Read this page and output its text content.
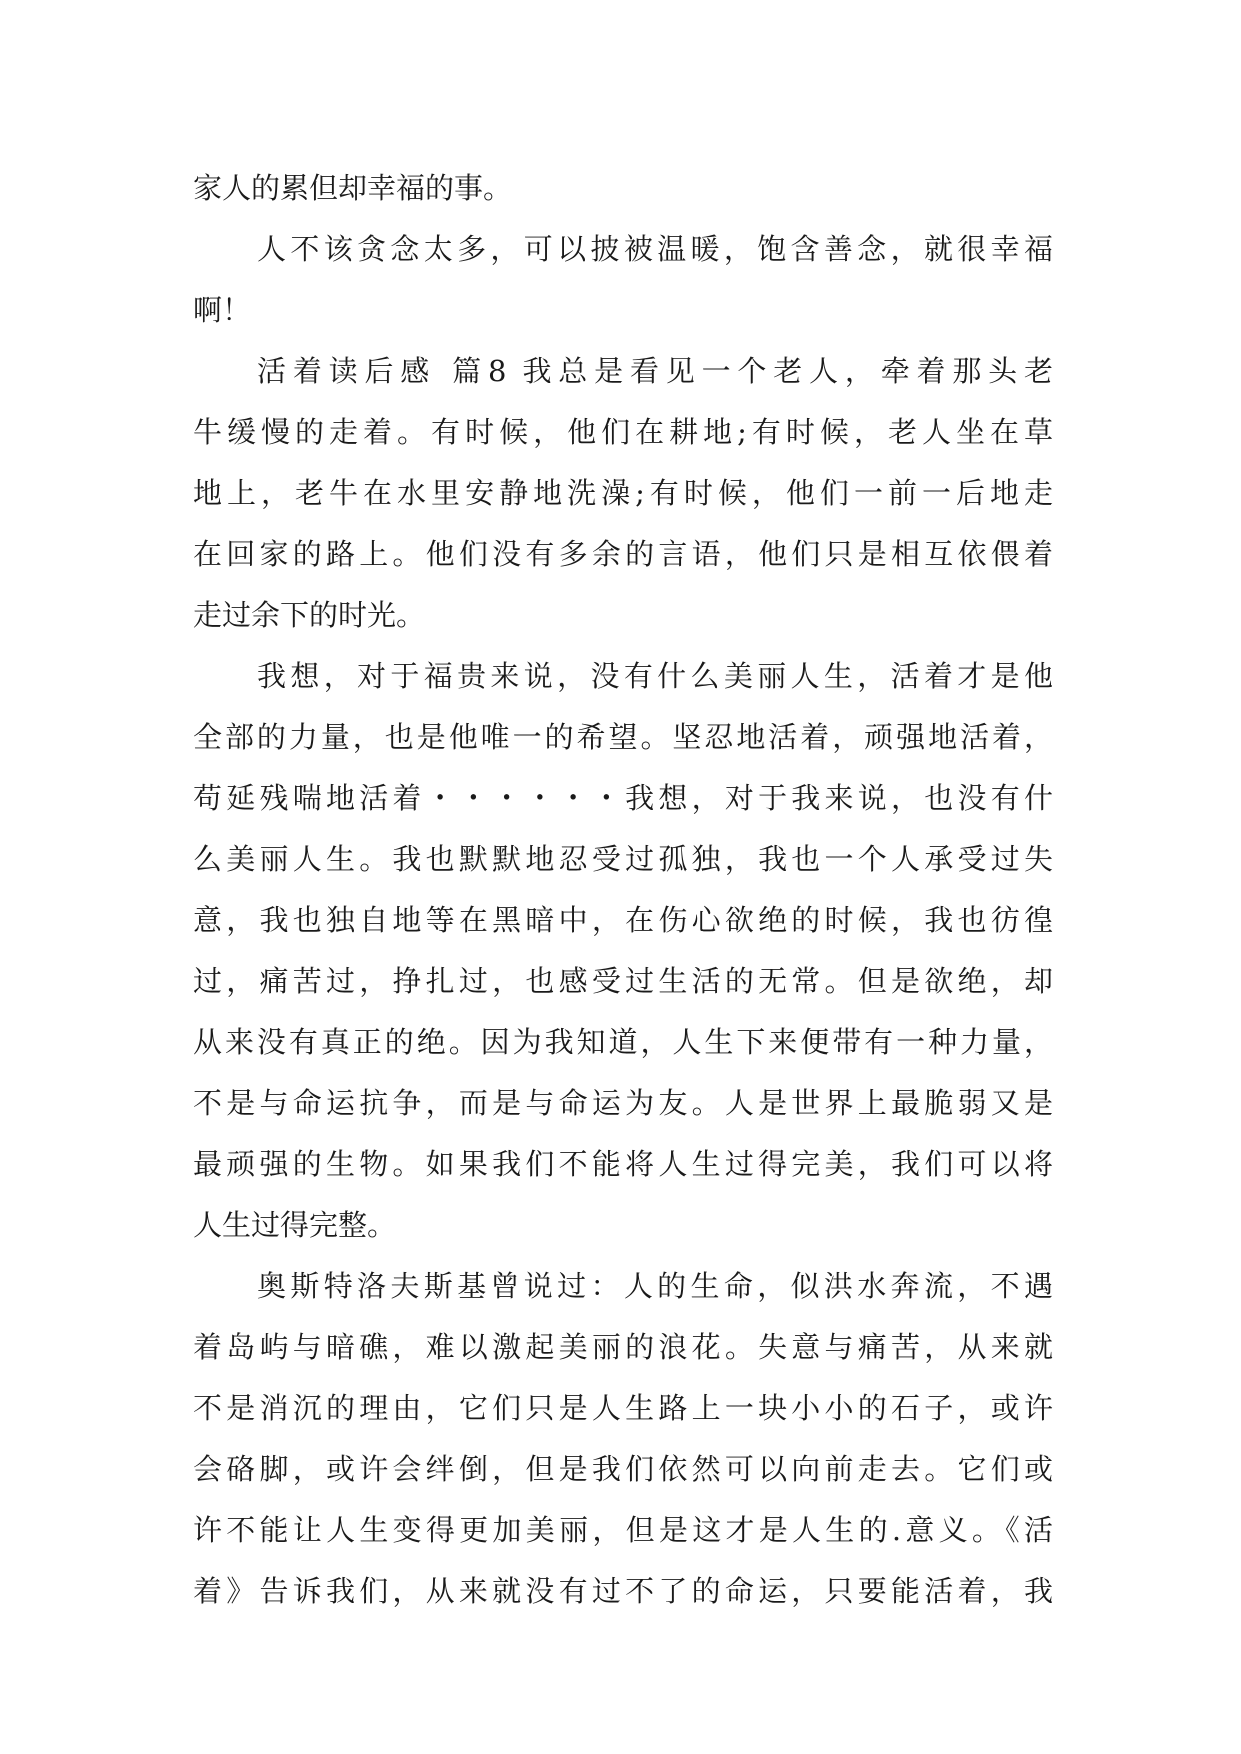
家人的累但却幸福的事。
人不该贪念太多，可以披被温暖，饱含善念，就很幸福
啊！
活着读后感 篇8 我总是看见一个老人，牵着那头老
牛缓慢的走着。有时候，他们在耕地;有时候，老人坐在草
地上，老牛在水里安静地洗澡;有时候，他们一前一后地走
在回家的路上。他们没有多余的言语，他们只是相互依偎着
走过余下的时光。
我想，对于福贵来说，没有什么美丽人生，活着才是他
全部的力量，也是他唯一的希望。坚忍地活着，顽强地活着，
苟延残喘地活着・・・・・・我想，对于我来说，也没有什
么美丽人生。我也默默地忍受过孤独，我也一个人承受过失
意，我也独自地等在黑暗中，在伤心欲绝的时候，我也彷徨
过，痛苦过，挣扎过，也感受过生活的无常。但是欲绝，却
从来没有真正的绝。因为我知道，人生下来便带有一种力量，
不是与命运抗争，而是与命运为友。人是世界上最脆弱又是
最顽强的生物。如果我们不能将人生过得完美，我们可以将
人生过得完整。
奥斯特洛夫斯基曾说过：人的生命，似洪水奔流，不遇
着岛屿与暗礁，难以激起美丽的浪花。失意与痛苦，从来就
不是消沉的理由，它们只是人生路上一块小小的石子，或许
会硌脚，或许会绊倒，但是我们依然可以向前走去。它们或
许不能让人生变得更加美丽，但是这才是人生的.意义。《活
着》告诉我们，从来就没有过不了的命运，只要能活着，我
